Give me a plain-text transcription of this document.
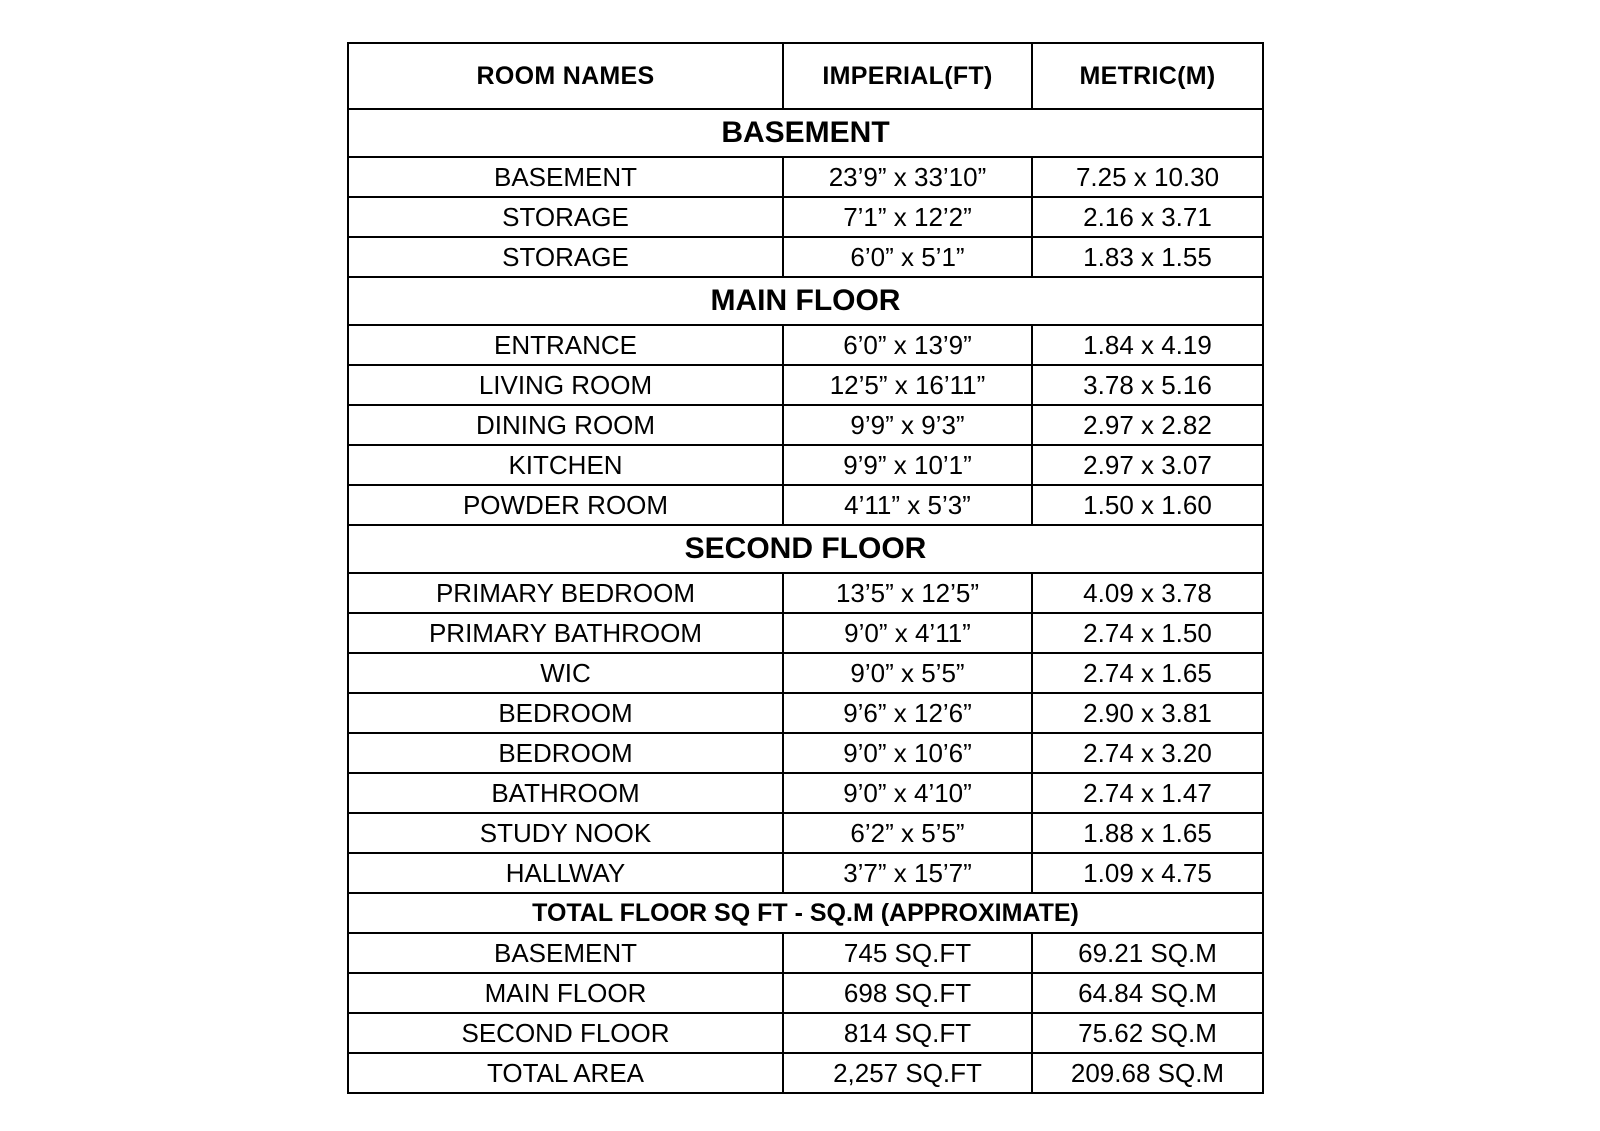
ROOM NAMES	IMPERIAL(FT)	METRIC(M)
BASEMENT		
BASEMENT	23’9” x 33’10”	7.25 x 10.30
STORAGE	7’1” x 12’2”	2.16 x 3.71
STORAGE	6’0” x 5’1”	1.83 x 1.55
MAIN FLOOR		
ENTRANCE	6’0” x 13’9”	1.84 x 4.19
LIVING ROOM	12’5” x 16’11”	3.78 x 5.16
DINING ROOM	9’9” x 9’3”	2.97 x 2.82
KITCHEN	9’9” x 10’1”	2.97 x 3.07
POWDER ROOM	4’11” x 5’3”	1.50 x 1.60
SECOND FLOOR		
PRIMARY BEDROOM	13’5” x 12’5”	4.09 x 3.78
PRIMARY BATHROOM	9’0” x 4’11”	2.74 x 1.50
WIC	9’0” x 5’5”	2.74 x 1.65
BEDROOM	9’6” x 12’6”	2.90 x 3.81
BEDROOM	9’0” x 10’6”	2.74 x 3.20
BATHROOM	9’0” x 4’10”	2.74 x 1.47
STUDY NOOK	6’2” x 5’5”	1.88 x 1.65
HALLWAY	3’7” x 15’7”	1.09 x 4.75
TOTAL FLOOR SQ FT - SQ.M (APPROXIMATE)		
BASEMENT	745 SQ.FT	69.21 SQ.M
MAIN FLOOR	698 SQ.FT	64.84 SQ.M
SECOND FLOOR	814 SQ.FT	75.62 SQ.M
TOTAL AREA	2,257 SQ.FT	209.68 SQ.M
